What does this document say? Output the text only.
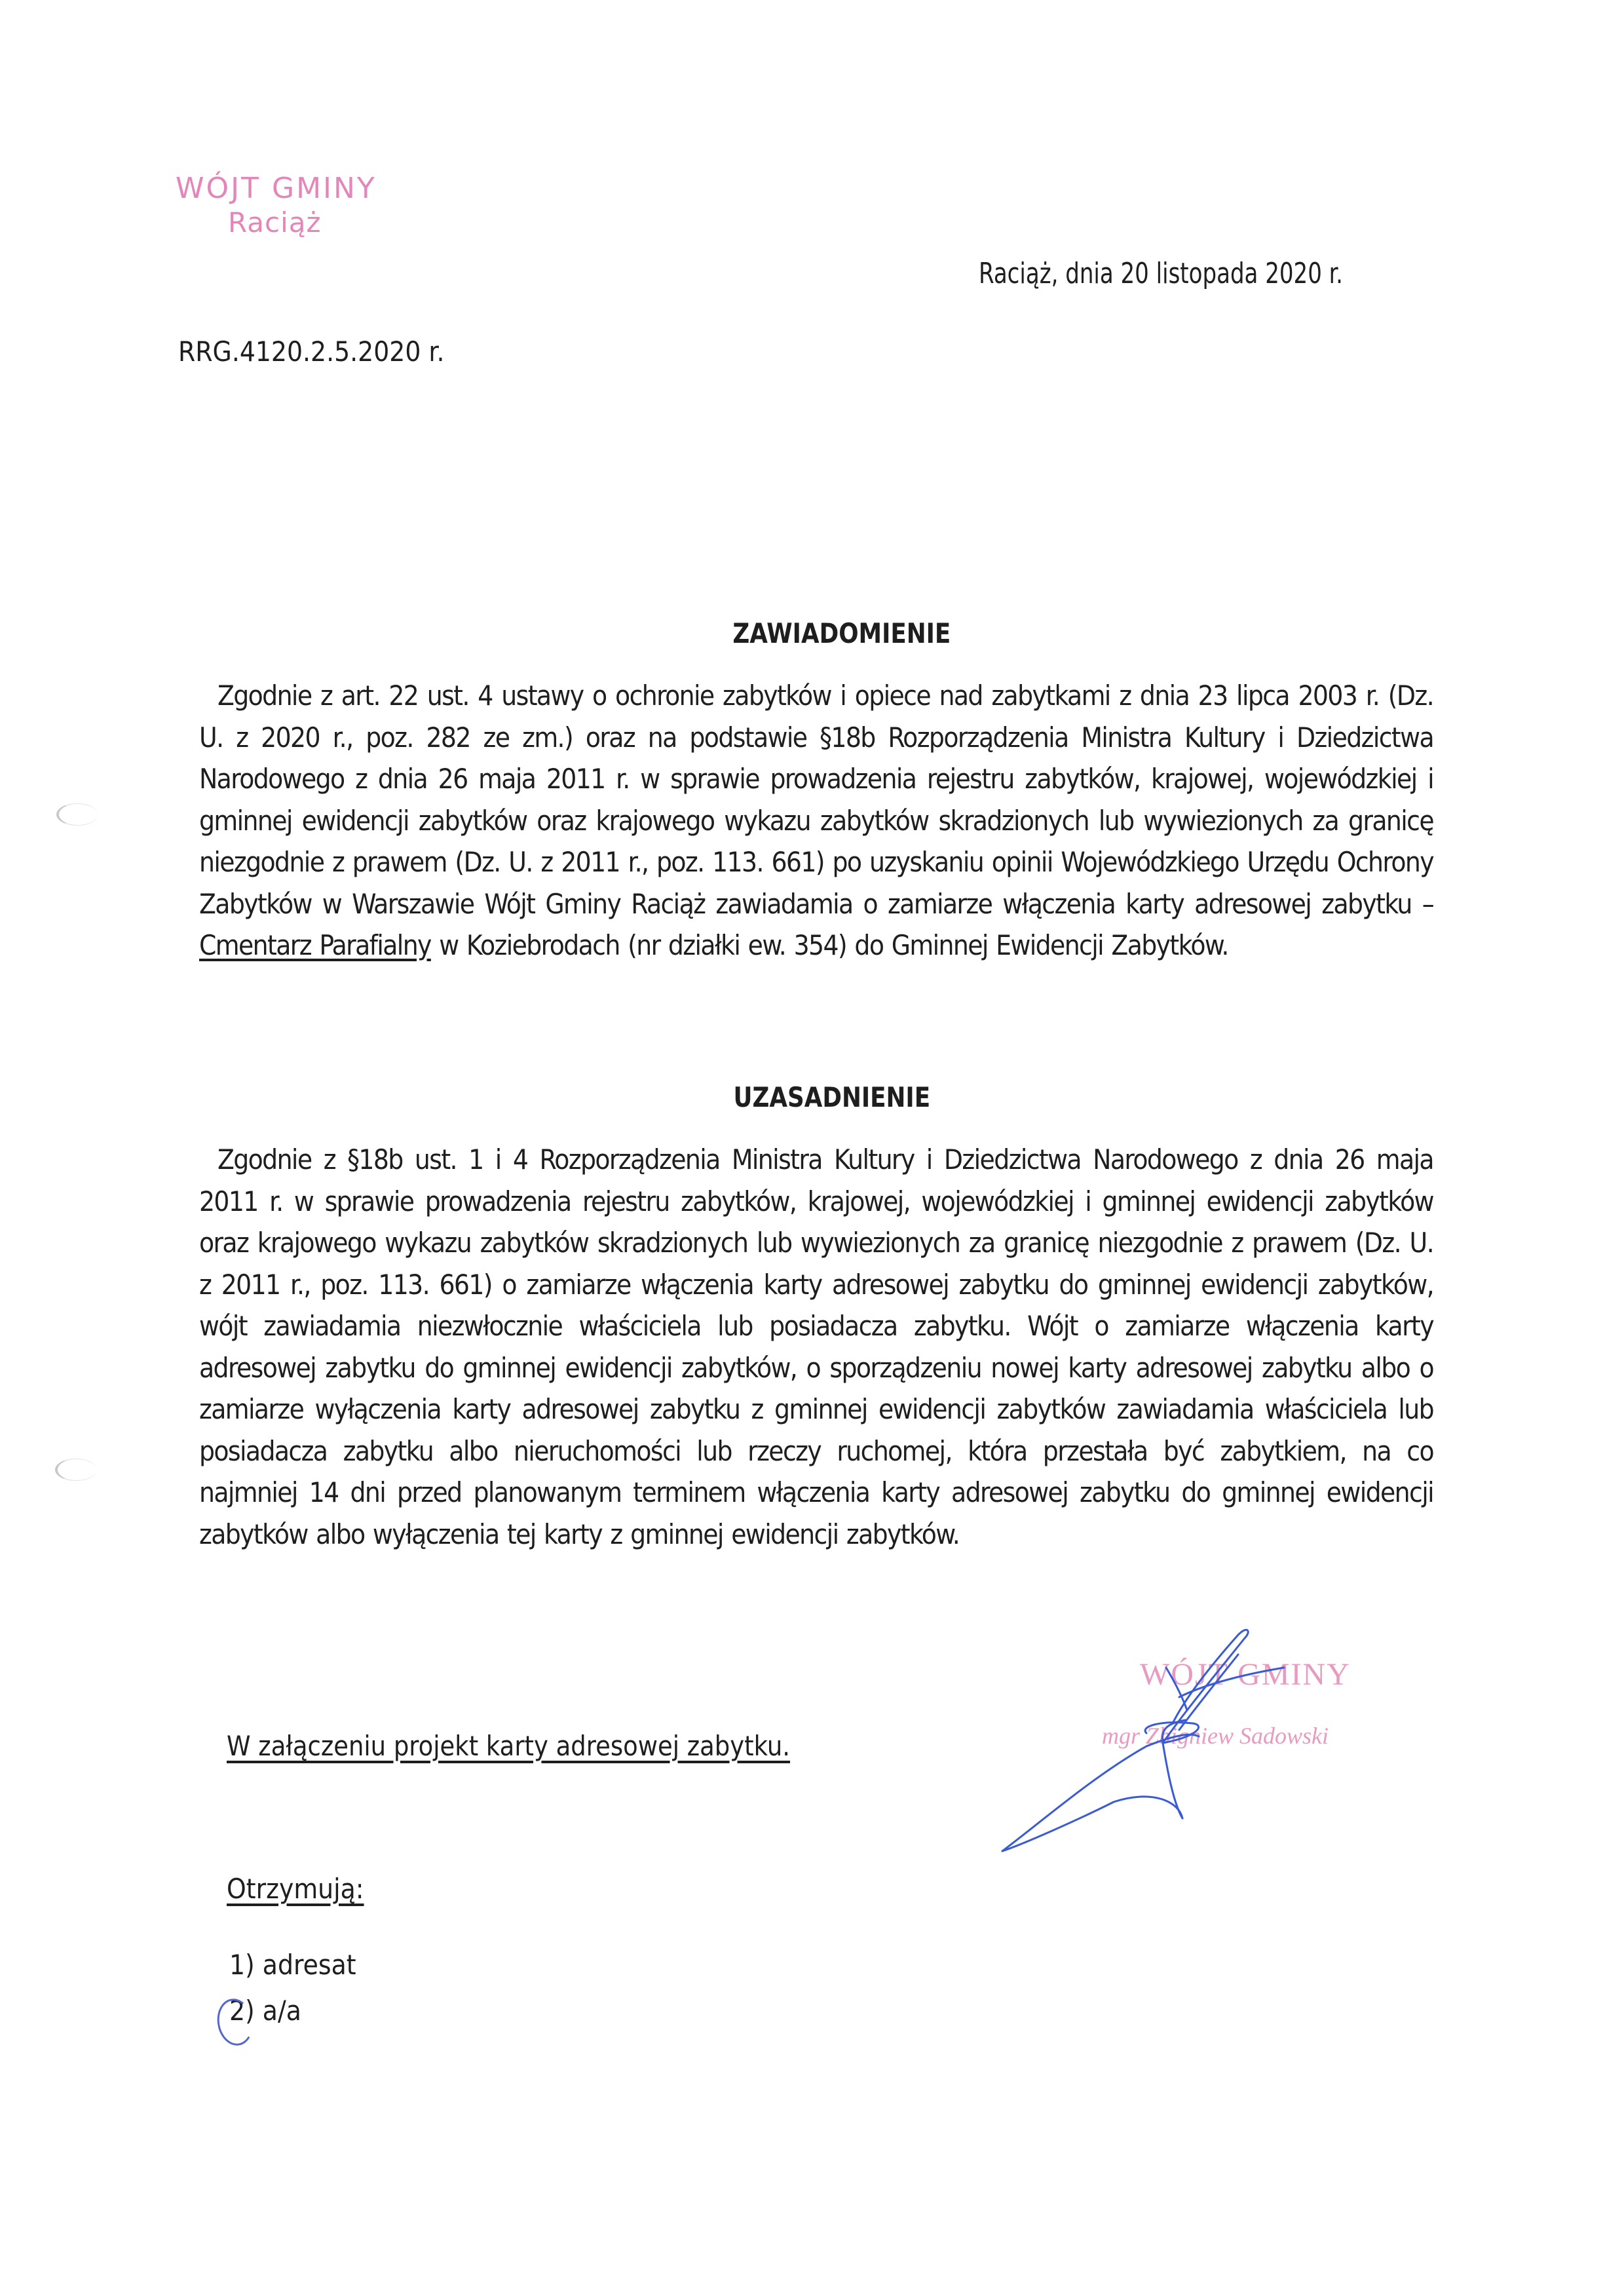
WÓJT GMINY
Raciąż
Raciąż, dnia 20 listopada 2020 r.
RRG.4120.2.5.2020 r.
ZAWIADOMIENIE
Zgodnie z art. 22 ust. 4 ustawy o ochronie zabytków i opiece nad zabytkami z dnia 23 lipca 2003 r. (Dz. U. z 2020 r., poz. 282 ze zm.) oraz na podstawie §18b Rozporządzenia Ministra Kultury i Dziedzictwa Narodowego z dnia 26 maja 2011 r. w sprawie prowadzenia rejestru zabytków, krajowej, wojewódzkiej i gminnej ewidencji zabytków oraz krajowego wykazu zabytków skradzionych lub wywiezionych za granicę niezgodnie z prawem (Dz. U. z 2011 r., poz. 113. 661) po uzyskaniu opinii Wojewódzkiego Urzędu Ochrony Zabytków w Warszawie Wójt Gminy Raciąż zawiadamia o zamiarze włączenia karty adresowej zabytku – Cmentarz Parafialny w Koziebrodach (nr działki ew. 354) do Gminnej Ewidencji Zabytków.
UZASADNIENIE
Zgodnie z §18b ust. 1 i 4 Rozporządzenia Ministra Kultury i Dziedzictwa Narodowego z dnia 26 maja 2011 r. w sprawie prowadzenia rejestru zabytków, krajowej, wojewódzkiej i gminnej ewidencji zabytków oraz krajowego wykazu zabytków skradzionych lub wywiezionych za granicę niezgodnie z prawem (Dz. U. z 2011 r., poz. 113. 661) o zamiarze włączenia karty adresowej zabytku do gminnej ewidencji zabytków, wójt zawiadamia niezwłocznie właściciela lub posiadacza zabytku. Wójt o zamiarze włączenia karty adresowej zabytku do gminnej ewidencji zabytków, o sporządzeniu nowej karty adresowej zabytku albo o zamiarze wyłączenia karty adresowej zabytku z gminnej ewidencji zabytków zawiadamia właściciela lub posiadacza zabytku albo nieruchomości lub rzeczy ruchomej, która przestała być zabytkiem, na co najmniej 14 dni przed planowanym terminem włączenia karty adresowej zabytku do gminnej ewidencji zabytków albo wyłączenia tej karty z gminnej ewidencji zabytków.
W załączeniu projekt karty adresowej zabytku.
WÓJT GMINY
mgr Zbigniew Sadowski
Otrzymują:
1) adresat
2) a/a
